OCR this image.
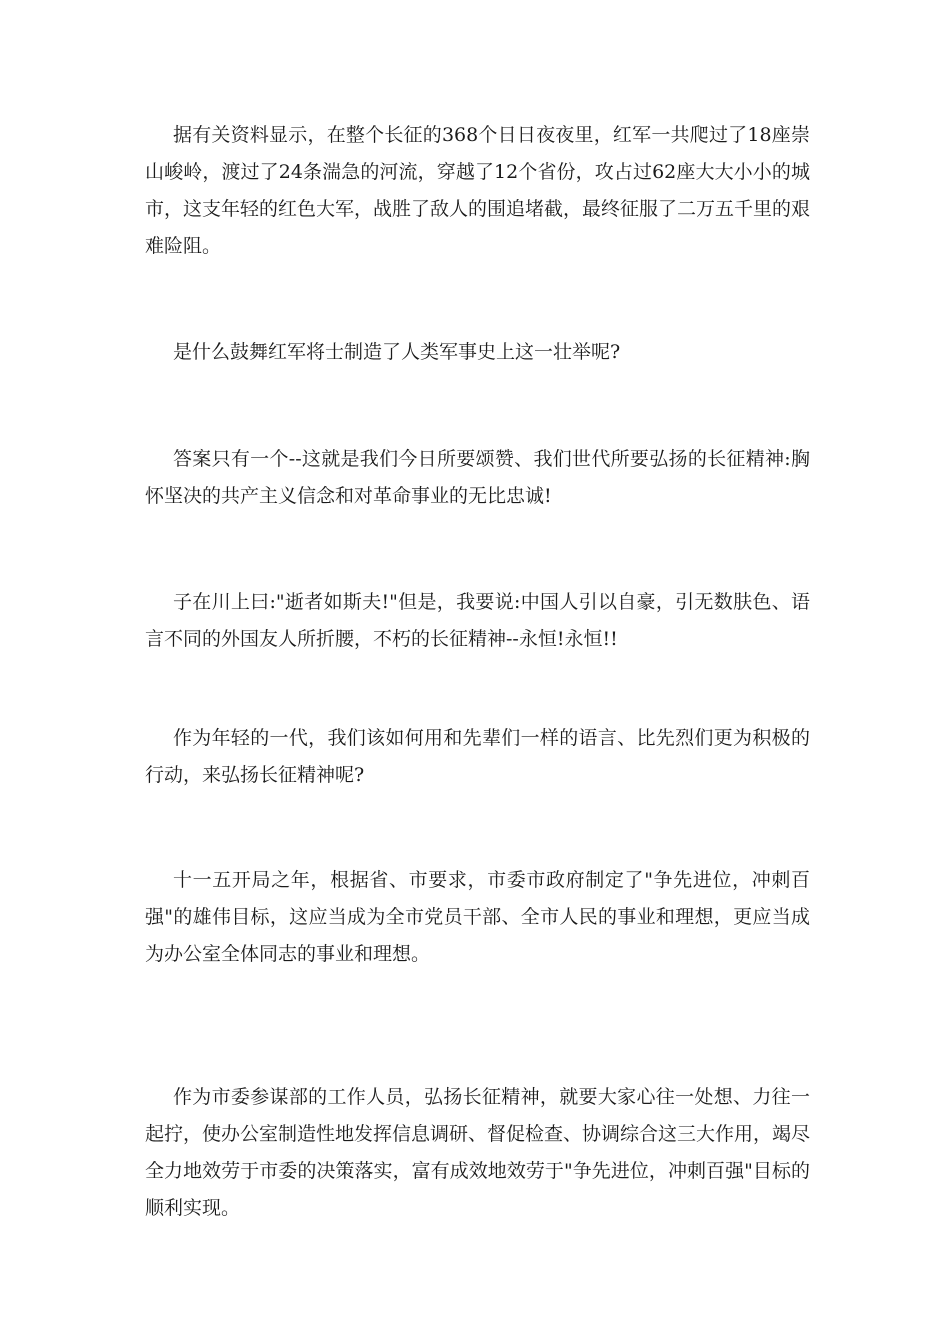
据有关资料显示，在整个长征的368个日日夜夜里，红军一共爬过了18座崇山峻岭，渡过了24条湍急的河流，穿越了12个省份，攻占过62座大大小小的城市，这支年轻的红色大军，战胜了敌人的围追堵截，最终征服了二万五千里的艰难险阻。

是什么鼓舞红军将士制造了人类军事史上这一壮举呢?

答案只有一个--这就是我们今日所要颂赞、我们世代所要弘扬的长征精神:胸怀坚决的共产主义信念和对革命事业的无比忠诚!

子在川上曰:"逝者如斯夫!"但是，我要说:中国人引以自豪，引无数肤色、语言不同的外国友人所折腰，不朽的长征精神--永恒!永恒!!

作为年轻的一代，我们该如何用和先辈们一样的语言、比先烈们更为积极的行动，来弘扬长征精神呢?

十一五开局之年，根据省、市要求，市委市政府制定了"争先进位，冲刺百强"的雄伟目标，这应当成为全市党员干部、全市人民的事业和理想，更应当成为办公室全体同志的事业和理想。

作为市委参谋部的工作人员，弘扬长征精神，就要大家心往一处想、力往一起拧，使办公室制造性地发挥信息调研、督促检查、协调综合这三大作用，竭尽全力地效劳于市委的决策落实，富有成效地效劳于"争先进位，冲刺百强"目标的顺利实现。
